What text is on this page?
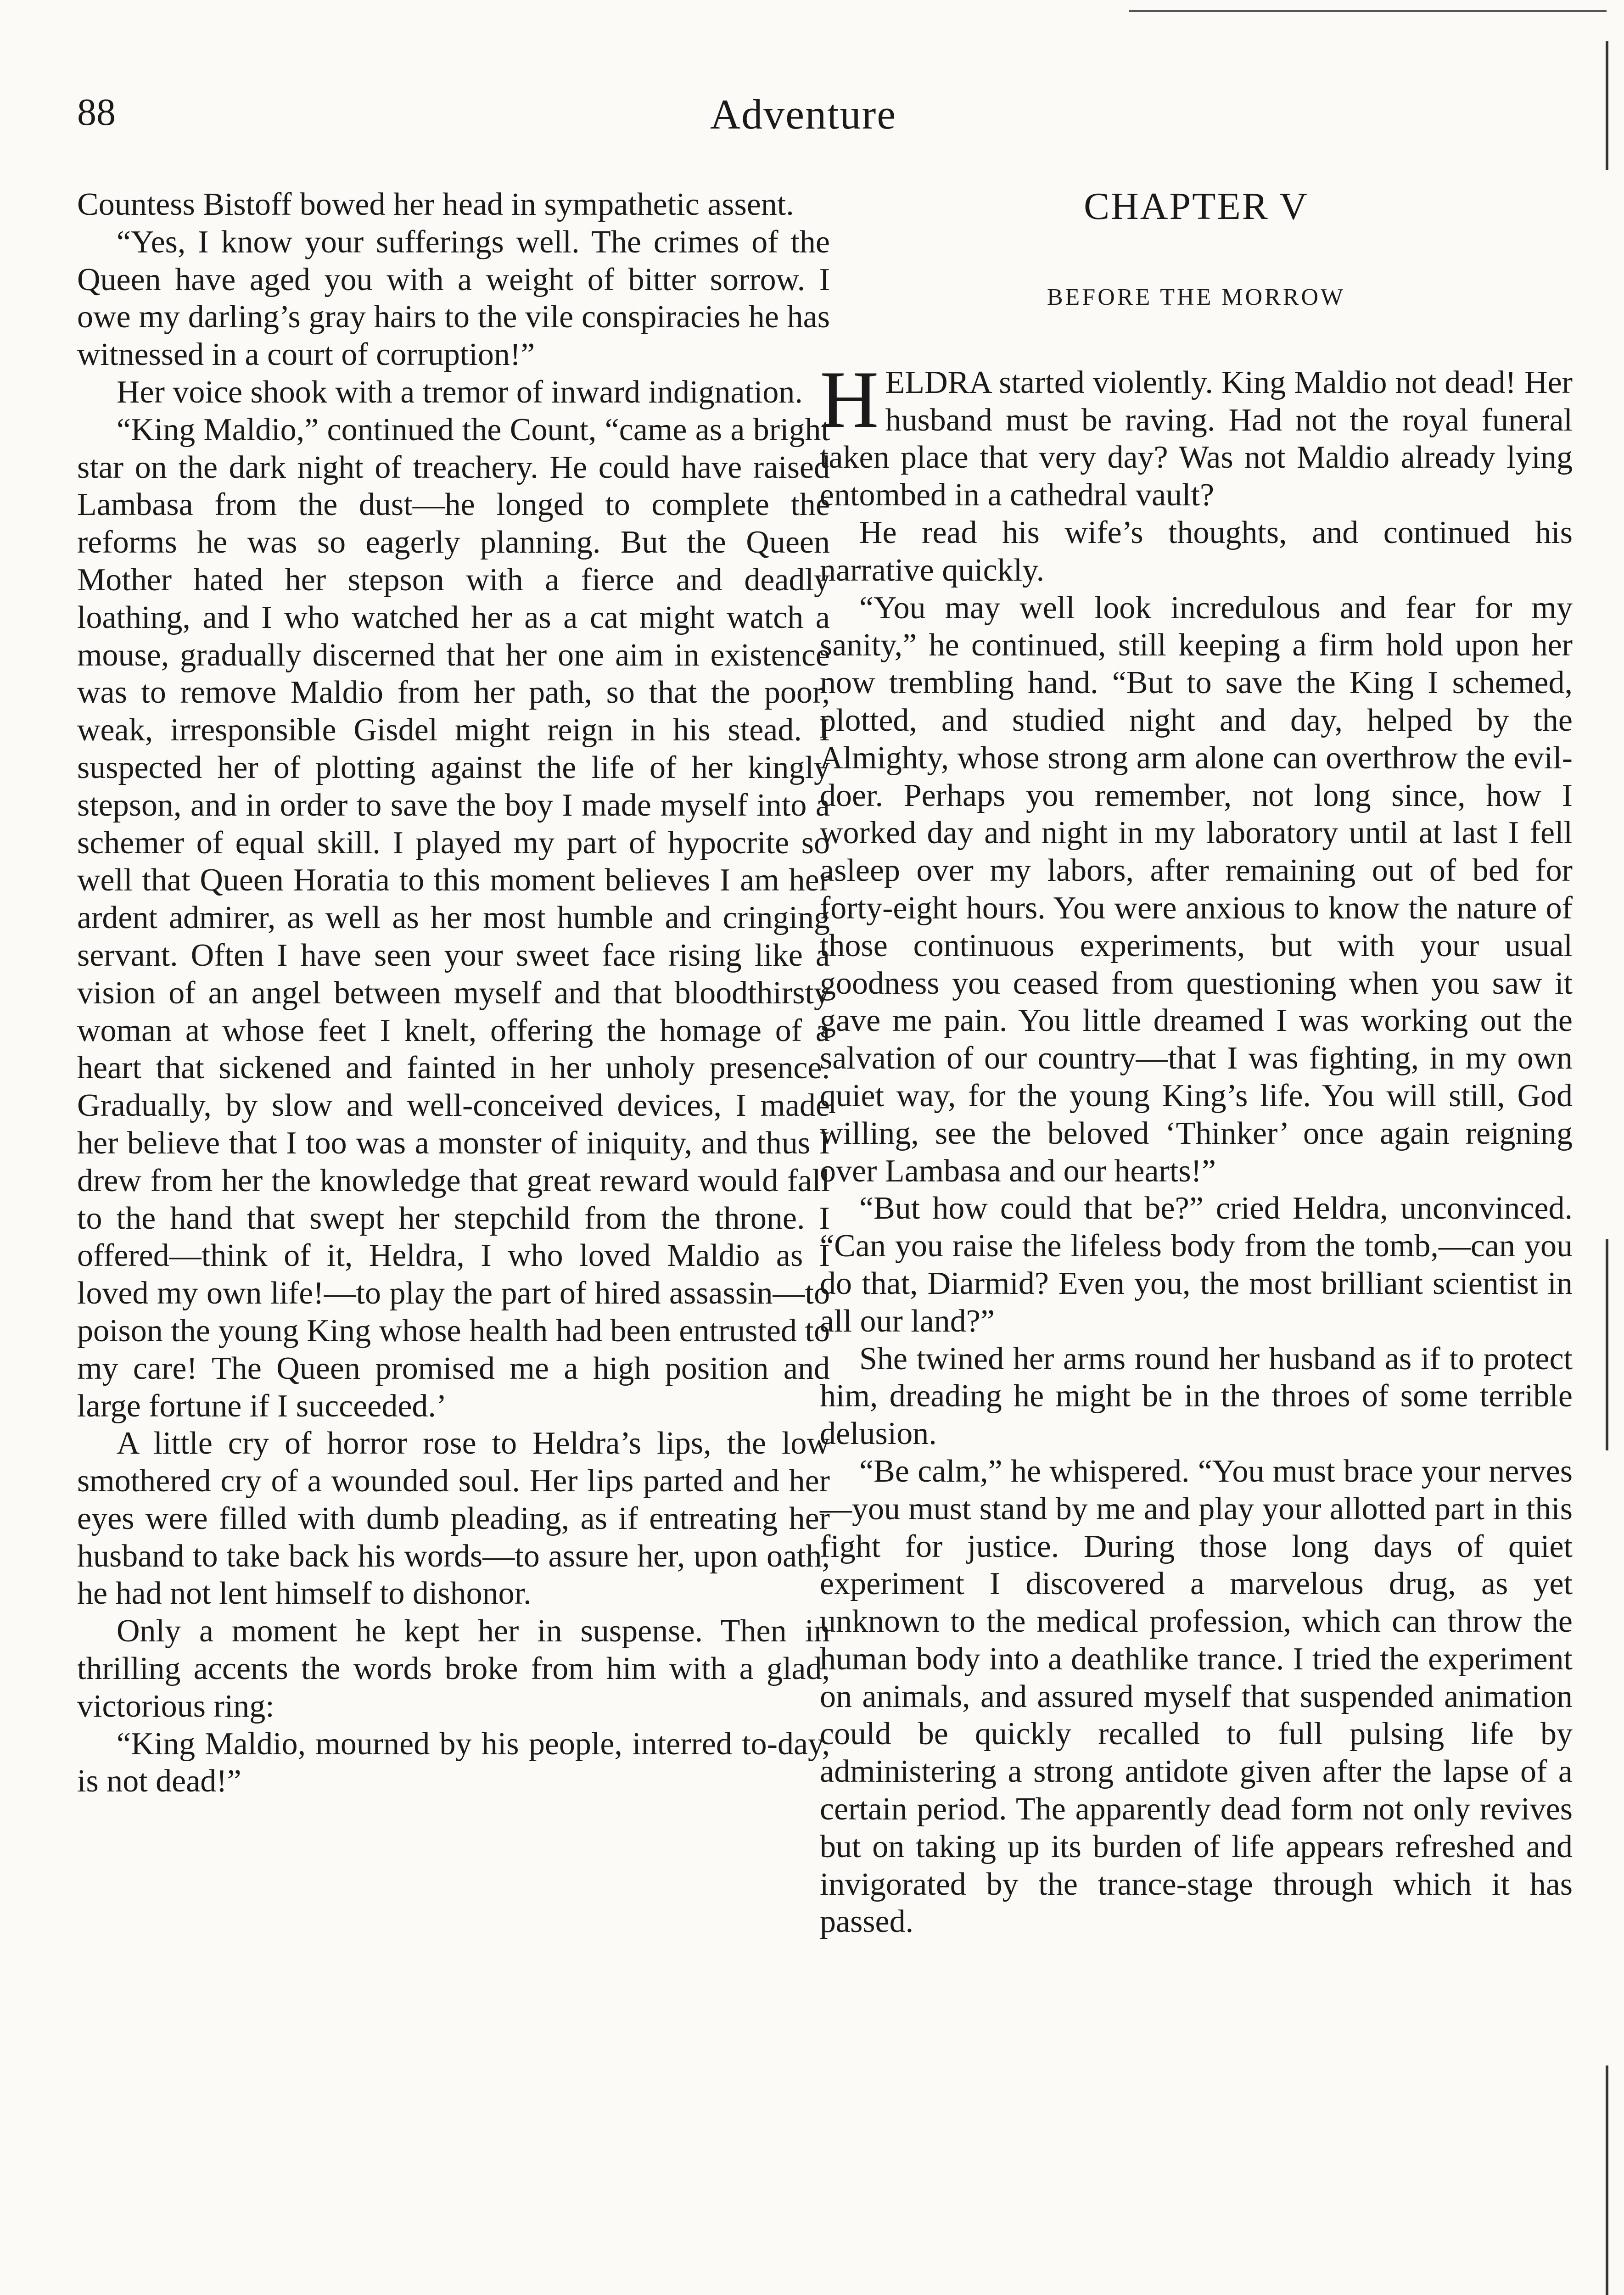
88	Adventure

Countess Bistoff bowed her head in sympathetic assent.

“Yes, I know your sufferings well. The crimes of the Queen have aged you with a weight of bitter sorrow. I owe my darling’s gray hairs to the vile conspiracies he has witnessed in a court of corruption!”

Her voice shook with a tremor of inward indignation.

“King Maldio,” continued the Count, “came as a bright star on the dark night of treachery. He could have raised Lambasa from the dust—he longed to complete the reforms he was so eagerly planning. But the Queen Mother hated her stepson with a fierce and deadly loathing, and I who watched her as a cat might watch a mouse, gradually discerned that her one aim in existence was to remove Maldio from her path, so that the poor, weak, irresponsible Gisdel might reign in his stead. I suspected her of plotting against the life of her kingly stepson, and in order to save the boy I made myself into a schemer of equal skill. I played my part of hypocrite so well that Queen Horatia to this moment believes I am her ardent admirer, as well as her most humble and cringing servant. Often I have seen your sweet face rising like a vision of an angel between myself and that bloodthirsty woman at whose feet I knelt, offering the homage of a heart that sickened and fainted in her unholy presence. Gradually, by slow and well-conceived devices, I made her believe that I too was a monster of iniquity, and thus I drew from her the knowledge that great reward would fall to the hand that swept her stepchild from the throne. I offered—think of it, Heldra, I who loved Maldio as I loved my own life!—to play the part of hired assassin—to poison the young King whose health had been entrusted to my care! The Queen promised me a high position and large fortune if I succeeded.’

A little cry of horror rose to Heldra’s lips, the low smothered cry of a wounded soul. Her lips parted and her eyes were filled with dumb pleading, as if entreating her husband to take back his words—to assure her, upon oath, he had not lent himself to dishonor.

Only a moment he kept her in suspense. Then in thrilling accents the words broke from him with a glad, victorious ring:

“King Maldio, mourned by his people, interred to-day, is not dead!”

CHAPTER V
BEFORE THE MORROW

HELDRA started violently. King Maldio not dead! Her husband must be raving. Had not the royal funeral taken place that very day? Was not Maldio already lying entombed in a cathedral vault?

He read his wife’s thoughts, and continued his narrative quickly.

“You may well look incredulous and fear for my sanity,” he continued, still keeping a firm hold upon her now trembling hand. “But to save the King I schemed, plotted, and studied night and day, helped by the Almighty, whose strong arm alone can overthrow the evil-doer. Perhaps you remember, not long since, how I worked day and night in my laboratory until at last I fell asleep over my labors, after remaining out of bed for forty-eight hours. You were anxious to know the nature of those continuous experiments, but with your usual goodness you ceased from questioning when you saw it gave me pain. You little dreamed I was working out the salvation of our country—that I was fighting, in my own quiet way, for the young King’s life. You will still, God willing, see the beloved ‘Thinker’ once again reigning over Lambasa and our hearts!”

“But how could that be?” cried Heldra, unconvinced. “Can you raise the lifeless body from the tomb,—can you do that, Diarmid? Even you, the most brilliant scientist in all our land?”

She twined her arms round her husband as if to protect him, dreading he might be in the throes of some terrible delusion.

“Be calm,” he whispered. “You must brace your nerves—you must stand by me and play your allotted part in this fight for justice. During those long days of quiet experiment I discovered a marvelous drug, as yet unknown to the medical profession, which can throw the human body into a deathlike trance. I tried the experiment on animals, and assured myself that suspended animation could be quickly recalled to full pulsing life by administering a strong antidote given after the lapse of a certain period. The apparently dead form not only revives but on taking up its burden of life appears refreshed and invigorated by the trance-stage through which it has passed.
